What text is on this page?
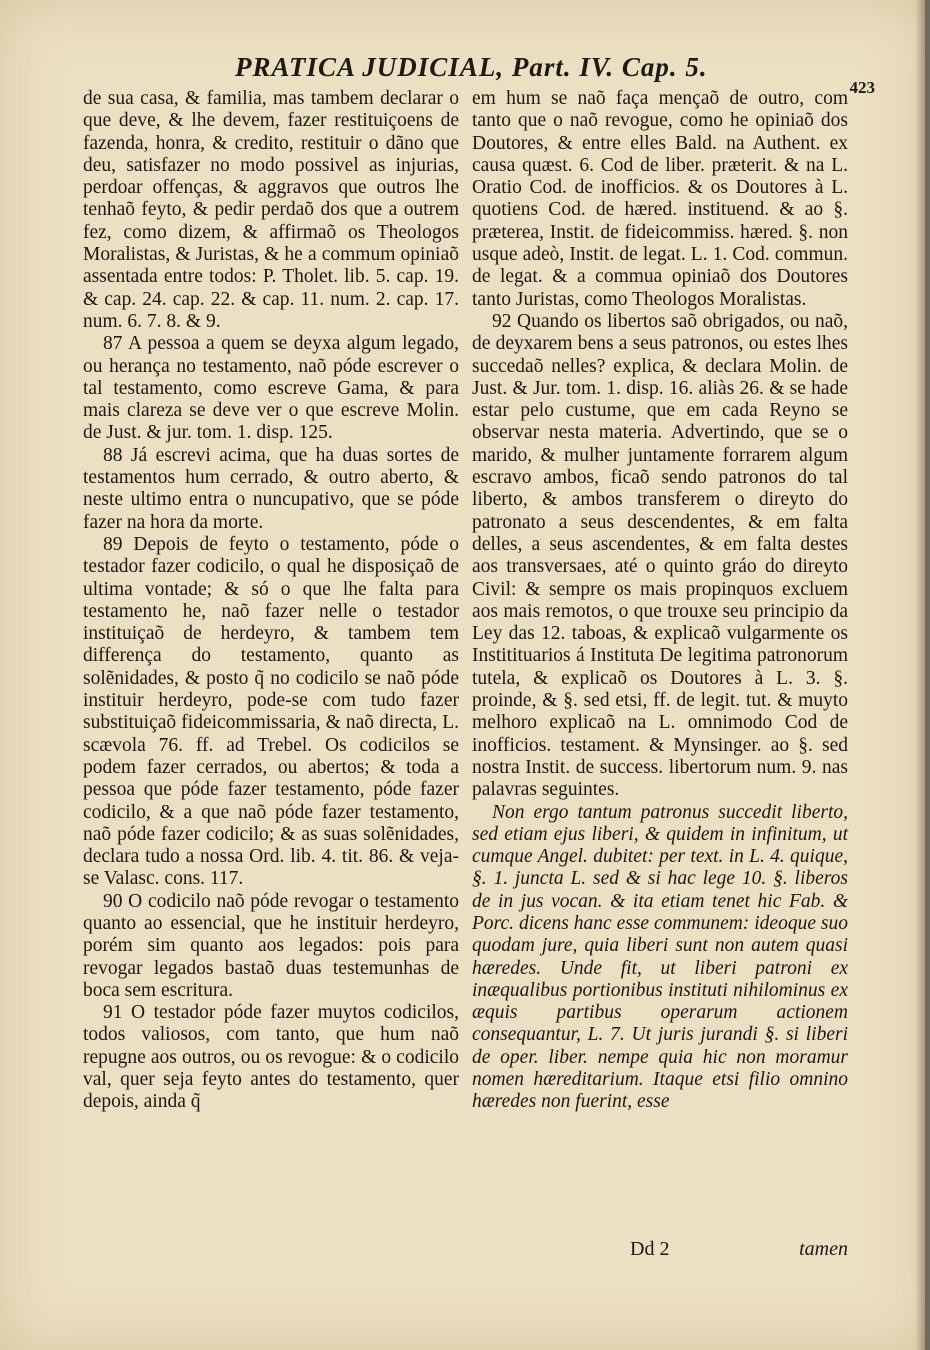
PRATICA JUDICIAL, Part. IV. Cap. 5.
423

de sua casa, & familia, mas tambem declarar o que deve, & lhe devem, fazer restituiçoens de fazenda, honra, & credito, restituir o dãno que deu, satisfazer no modo possivel as injurias, perdoar offenças, & aggravos que outros lhe tenhaõ feyto, & pedir perdaõ dos que a outrem fez, como dizem, & affirmaõ os Theologos Moralistas, & Juristas, & he a commum opiniaõ assentada entre todos: P. Tholet. lib. 5. cap. 19. & cap. 24. cap. 22. & cap. 11. num. 2. cap. 17. num. 6. 7. 8. & 9.

87 A pessoa a quem se deyxa algum legado, ou herança no testamento, naõ póde escrever o tal testamento, como escreve Gama, & para mais clareza se deve ver o que escreve Molin. de Just. & jur. tom. 1. disp. 125.

88 Já escrevi acima, que ha duas sortes de testamentos hum cerrado, & outro aberto, & neste ultimo entra o nuncupativo, que se póde fazer na hora da morte.

89 Depois de feyto o testamento, póde o testador fazer codicilo, o qual he disposiçaõ de ultima vontade; & só o que lhe falta para testamento he, naõ fazer nelle o testador instituiçaõ de herdeyro, & tambem tem differença do testamento, quanto as solẽnidades, & posto q̃ no codicilo se naõ póde instituir herdeyro, pode-se com tudo fazer substituiçaõ fideicommissaria, & naõ directa, L. scævola 76. ff. ad Trebel. Os codicilos se podem fazer cerrados, ou abertos; & toda a pessoa que póde fazer testamento, póde fazer codicilo, & a que naõ póde fazer testamento, naõ póde fazer codicilo; & as suas solẽnidades, declara tudo a nossa Ord. lib. 4. tit. 86. & veja-se Valasc. cons. 117.

90 O codicilo naõ póde revogar o testamento quanto ao essencial, que he instituir herdeyro, porém sim quanto aos legados: pois para revogar legados bastaõ duas testemunhas de boca sem escritura.

91 O testador póde fazer muytos codicilos, todos valiosos, com tanto, que hum naõ repugne aos outros, ou os revogue: & o codicilo val, quer seja feyto antes do testamento, quer depois, ainda q̃

em hum se naõ faça mençaõ de outro, com tanto que o naõ revogue, como he opiniaõ dos Doutores, & entre elles Bald. na Authent. ex causa quæst. 6. Cod de liber. præterit. & na L. Oratio Cod. de inofficios. & os Doutores à L. quotiens Cod. de hæred. instituend. & ao §. præterea, Instit. de fideicommiss. hæred. §. non usque adeò, Instit. de legat. L. 1. Cod. commun. de legat. & a commua opiniaõ dos Doutores tanto Juristas, como Theologos Moralistas.

92 Quando os libertos saõ obrigados, ou naõ, de deyxarem bens a seus patronos, ou estes lhes succedaõ nelles? explica, & declara Molin. de Just. & Jur. tom. 1. disp. 16. aliàs 26. & se hade estar pelo custume, que em cada Reyno se observar nesta materia. Advertindo, que se o marido, & mulher juntamente forrarem algum escravo ambos, ficaõ sendo patronos do tal liberto, & ambos transferem o direyto do patronato a seus descendentes, & em falta delles, a seus ascendentes, & em falta destes aos transversaes, até o quinto gráo do direyto Civil: & sempre os mais propinquos excluem aos mais remotos, o que trouxe seu principio da Ley das 12. taboas, & explicaõ vulgarmente os Institituarios á Instituta De legitima patronorum tutela, & explicaõ os Doutores à L. 3. §. proinde, & §. sed etsi, ff. de legit. tut. & muyto melhoro explicaõ na L. omnimodo Cod de inofficios. testament. & Mynsinger. ao §. sed nostra Instit. de success. libertorum num. 9. nas palavras seguintes.

Non ergo tantum patronus succedit liberto, sed etiam ejus liberi, & quidem in infinitum, ut cumque Angel. dubitet: per text. in L. 4. quique, §. 1. juncta L. sed & si hac lege 10. §. liberos de in jus vocan. & ita etiam tenet hic Fab. & Porc. dicens hanc esse communem: ideoque suo quodam jure, quia liberi sunt non autem quasi hæredes. Unde fit, ut liberi patroni ex inæqualibus portionibus instituti nihilominus ex æquis partibus operarum actionem consequantur, L. 7. Ut juris jurandi §. si liberi de oper. liber. nempe quia hic non moramur nomen hæreditarium. Itaque etsi filio omnino hæredes non fuerint, esse

Dd 2	tamen
